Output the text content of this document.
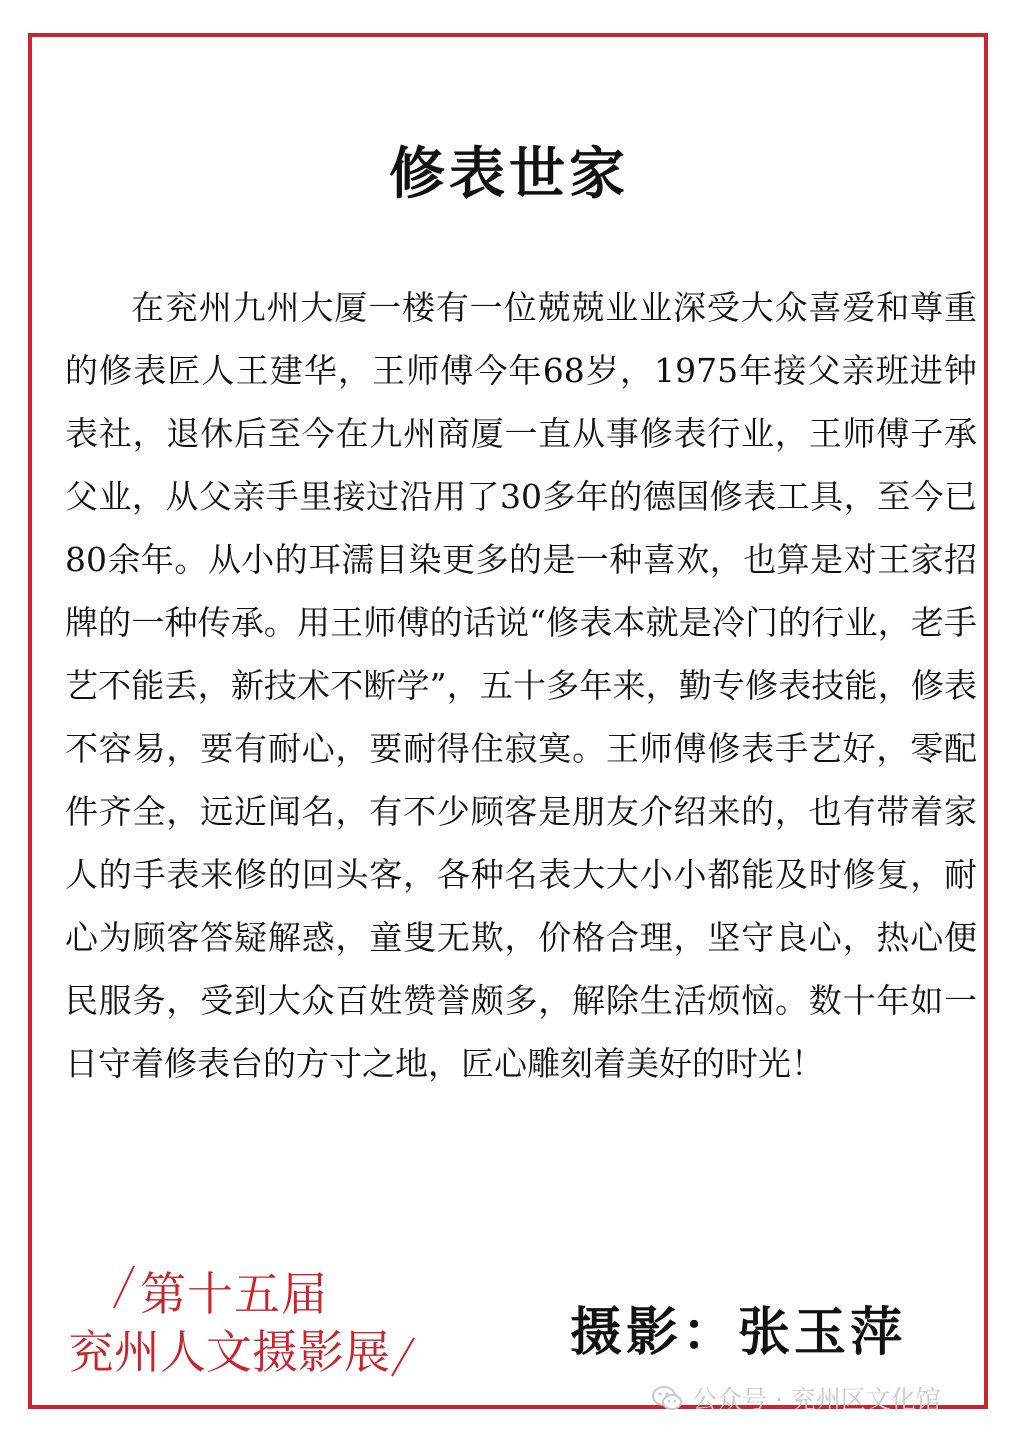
修表世家

在兖州九州大厦一楼有一位兢兢业业深受大众喜爱和尊重的修表匠人王建华，王师傅今年68岁，1975年接父亲班进钟表社，退休后至今在九州商厦一直从事修表行业，王师傅子承父业，从父亲手里接过沿用了30多年的德国修表工具，至今已80余年。从小的耳濡目染更多的是一种喜欢，也算是对王家招牌的一种传承。用王师傅的话说“修表本就是冷门的行业，老手艺不能丢，新技术不断学”，五十多年来，勤专修表技能，修表不容易，要有耐心，要耐得住寂寞。王师傅修表手艺好，零配件齐全，远近闻名，有不少顾客是朋友介绍来的，也有带着家人的手表来修的回头客，各种名表大大小小都能及时修复，耐心为顾客答疑解惑，童叟无欺，价格合理，坚守良心，热心便民服务，受到大众百姓赞誉颇多，解除生活烦恼。数十年如一日守着修表台的方寸之地，匠心雕刻着美好的时光！

第十五届
兖州人文摄影展	摄影：张玉萍
公众号 · 兖州区文化馆
